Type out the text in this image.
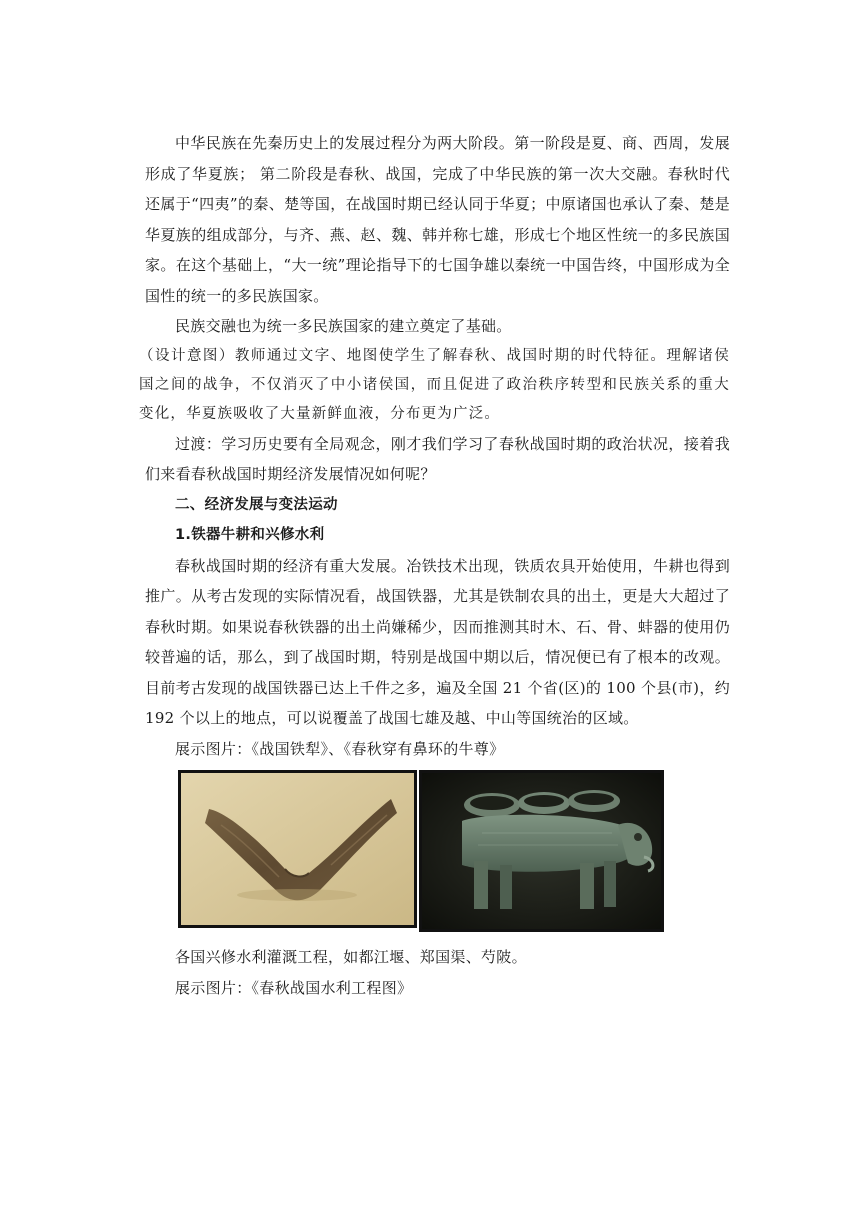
中华民族在先秦历史上的发展过程分为两大阶段。第一阶段是夏、商、西周，发展形成了华夏族； 第二阶段是春秋、战国，完成了中华民族的第一次大交融。春秋时代还属于“四夷”的秦、楚等国，在战国时期已经认同于华夏；中原诸国也承认了秦、楚是华夏族的组成部分，与齐、燕、赵、魏、韩并称七雄，形成七个地区性统一的多民族国家。在这个基础上，“大一统”理论指导下的七国争雄以秦统一中国告终，中国形成为全国性的统一的多民族国家。

民族交融也为统一多民族国家的建立奠定了基础。

（设计意图）教师通过文字、地图使学生了解春秋、战国时期的时代特征。理解诸侯国之间的战争，不仅消灭了中小诸侯国，而且促进了政治秩序转型和民族关系的重大变化，华夏族吸收了大量新鲜血液，分布更为广泛。

过渡：学习历史要有全局观念，刚才我们学习了春秋战国时期的政治状况，接着我们来看春秋战国时期经济发展情况如何呢？

二、经济发展与变法运动

1.铁器牛耕和兴修水利

春秋战国时期的经济有重大发展。冶铁技术出现，铁质农具开始使用，牛耕也得到推广。从考古发现的实际情况看，战国铁器，尤其是铁制农具的出土，更是大大超过了春秋时期。如果说春秋铁器的出土尚嫌稀少，因而推测其时木、石、骨、蚌器的使用仍较普遍的话，那么，到了战国时期，特别是战国中期以后，情况便已有了根本的改观。目前考古发现的战国铁器已达上千件之多，遍及全国 21 个省(区)的 100 个县(市)，约 192 个以上的地点，可以说覆盖了战国七雄及越、中山等国统治的区域。

展示图片：《战国铁犁》、《春秋穿有鼻环的牛尊》

各国兴修水利灌溉工程，如都江堰、郑国渠、芍陂。

展示图片：《春秋战国水利工程图》
